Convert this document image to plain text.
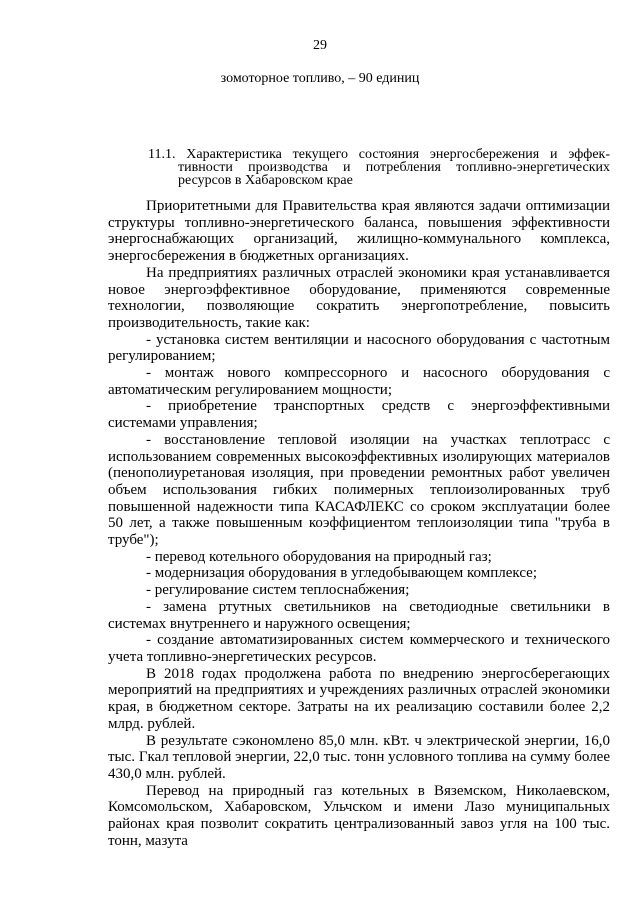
29
зомоторное топливо, – 90 единиц
11.1. Характеристика текущего состояния энергосбережения и эффек-
тивности производства и потребления топливно-энергетических
ресурсов в Хабаровском крае

Приоритетными для Правительства края являются задачи оптимизации структуры топливно-энергетического баланса, повышения эффективности энергоснабжающих организаций, жилищно-коммунального комплекса, энергосбережения в бюджетных организациях.

На предприятиях различных отраслей экономики края устанавливается новое энергоэффективное оборудование, применяются современные технологии, позволяющие сократить энергопотребление, повысить производительность, такие как:

- установка систем вентиляции и насосного оборудования с частотным регулированием;

- монтаж нового компрессорного и насосного оборудования с автоматическим регулированием мощности;

- приобретение транспортных средств с энергоэффективными системами управления;

- восстановление тепловой изоляции на участках теплотрасс с использованием современных высокоэффективных изолирующих материалов (пенополиуретановая изоляция, при проведении ремонтных работ увеличен объем использования гибких полимерных теплоизолированных труб повышенной надежности типа КАСАФЛЕКС со сроком эксплуатации более 50 лет, а также повышенным коэффициентом теплоизоляции типа "труба в трубе");

- перевод котельного оборудования на природный газ;

- модернизация оборудования в угледобывающем комплексе;

- регулирование систем теплоснабжения;

- замена ртутных светильников на светодиодные светильники в системах внутреннего и наружного освещения;

- создание автоматизированных систем коммерческого и технического учета топливно-энергетических ресурсов.

В 2018 годах продолжена работа по внедрению энергосберегающих мероприятий на предприятиях и учреждениях различных отраслей экономики края, в бюджетном секторе. Затраты на их реализацию составили более 2,2 млрд. рублей.

В результате сэкономлено 85,0 млн. кВт. ч электрической энергии, 16,0 тыс. Гкал тепловой энергии, 22,0 тыс. тонн условного топлива на сумму более 430,0 млн. рублей.

Перевод на природный газ котельных в Вяземском, Николаевском, Комсомольском, Хабаровском, Ульчском и имени Лазо муниципальных районах края позволит сократить централизованный завоз угля на 100 тыс. тонн, мазута
